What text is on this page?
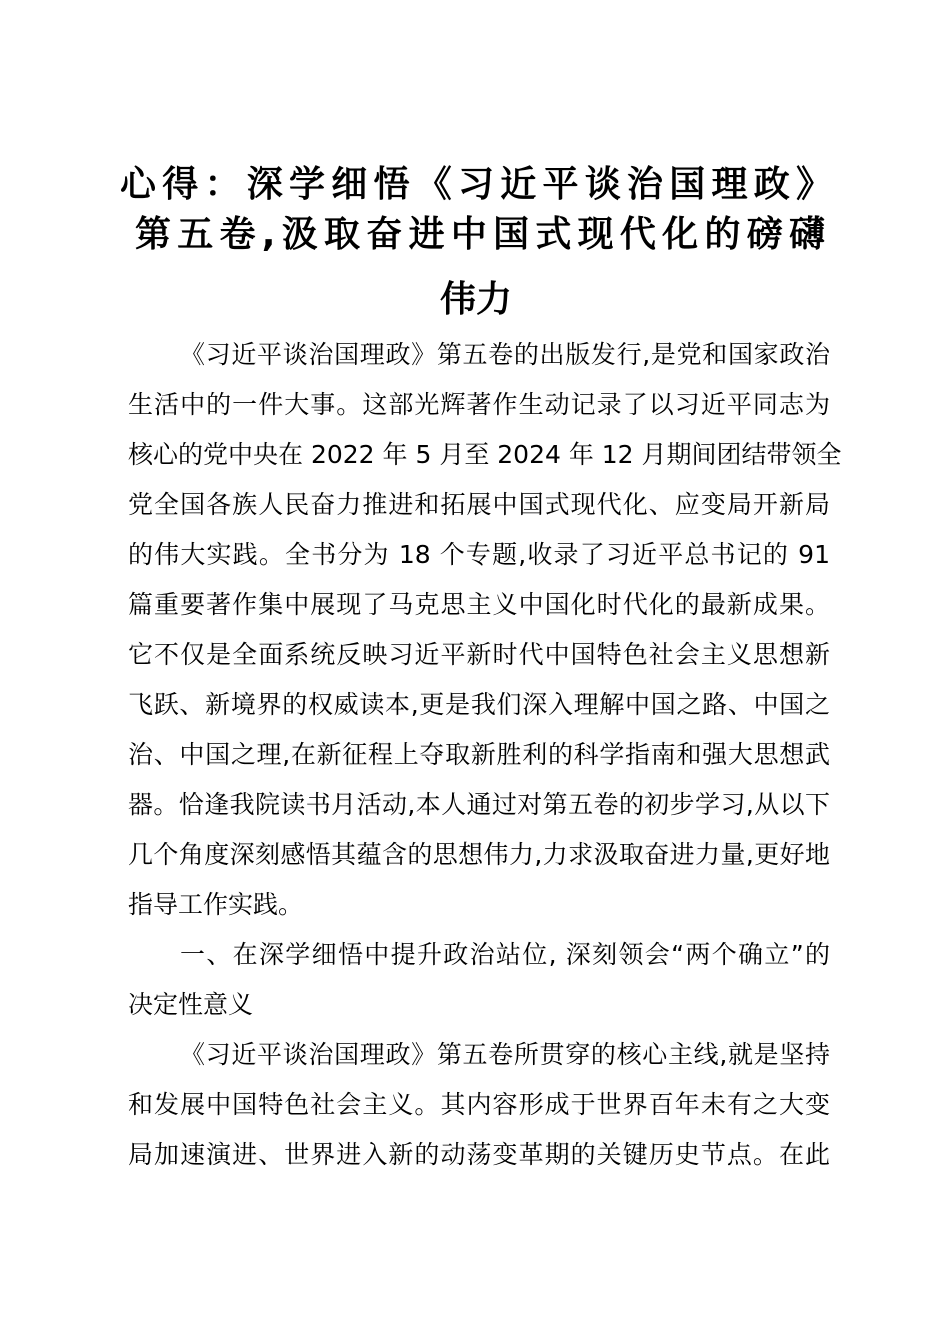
心得：深学细悟《习近平谈治国理政》
第五卷,汲取奋进中国式现代化的磅礴
伟力
《习近平谈治国理政》第五卷的出版发行,是党和国家政治
生活中的一件大事。这部光辉著作生动记录了以习近平同志为
核心的党中央在 2022 年 5 月至 2024 年 12 月期间团结带领全
党全国各族人民奋力推进和拓展中国式现代化、应变局开新局
的伟大实践。全书分为 18 个专题,收录了习近平总书记的 91
篇重要著作集中展现了马克思主义中国化时代化的最新成果。
它不仅是全面系统反映习近平新时代中国特色社会主义思想新
飞跃、新境界的权威读本,更是我们深入理解中国之路、中国之
治、中国之理,在新征程上夺取新胜利的科学指南和强大思想武
器。恰逢我院读书月活动,本人通过对第五卷的初步学习,从以下
几个角度深刻感悟其蕴含的思想伟力,力求汲取奋进力量,更好地
指导工作实践。
一、在深学细悟中提升政治站位, 深刻领会“两个确立”的
决定性意义
《习近平谈治国理政》第五卷所贯穿的核心主线,就是坚持
和发展中国特色社会主义。其内容形成于世界百年未有之大变
局加速演进、世界进入新的动荡变革期的关键历史节点。在此
